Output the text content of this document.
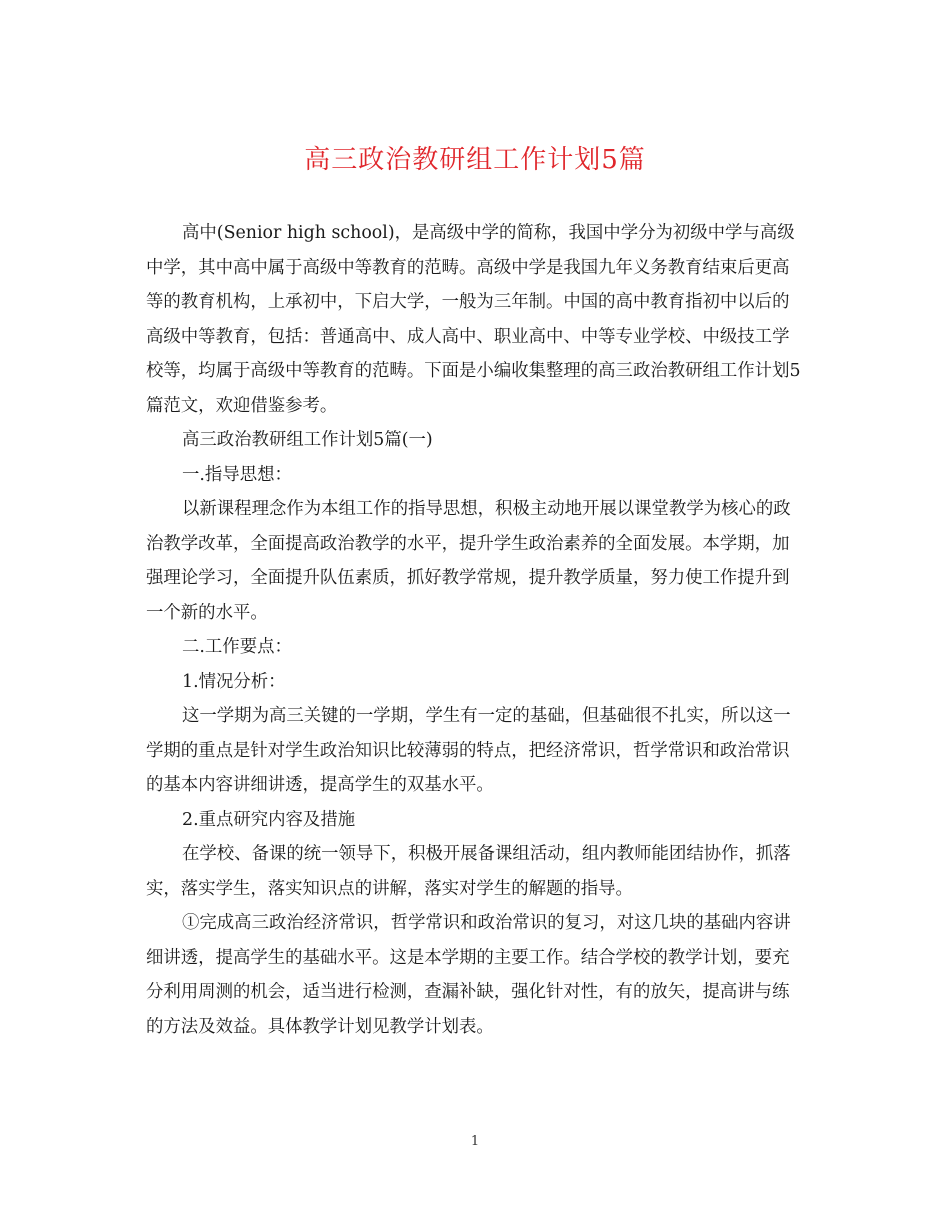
高三政治教研组工作计划5篇

高中(Senior high school)，是高级中学的简称，我国中学分为初级中学与高级中学，其中高中属于高级中等教育的范畴。高级中学是我国九年义务教育结束后更高等的教育机构，上承初中，下启大学，一般为三年制。中国的高中教育指初中以后的高级中等教育，包括：普通高中、成人高中、职业高中、中等专业学校、中级技工学校等，均属于高级中等教育的范畴。下面是小编收集整理的高三政治教研组工作计划5篇范文，欢迎借鉴参考。

高三政治教研组工作计划5篇(一)

一.指导思想：

以新课程理念作为本组工作的指导思想，积极主动地开展以课堂教学为核心的政治教学改革，全面提高政治教学的水平，提升学生政治素养的全面发展。本学期，加强理论学习，全面提升队伍素质，抓好教学常规，提升教学质量，努力使工作提升到一个新的水平。

二.工作要点：

1.情况分析：

这一学期为高三关键的一学期，学生有一定的基础，但基础很不扎实，所以这一学期的重点是针对学生政治知识比较薄弱的特点，把经济常识，哲学常识和政治常识的基本内容讲细讲透，提高学生的双基水平。

2.重点研究内容及措施

在学校、备课的统一领导下，积极开展备课组活动，组内教师能团结协作，抓落实，落实学生，落实知识点的讲解，落实对学生的解题的指导。

①完成高三政治经济常识，哲学常识和政治常识的复习，对这几块的基础内容讲细讲透，提高学生的基础水平。这是本学期的主要工作。结合学校的教学计划，要充分利用周测的机会，适当进行检测，查漏补缺，强化针对性，有的放矢，提高讲与练的方法及效益。具体教学计划见教学计划表。

1
